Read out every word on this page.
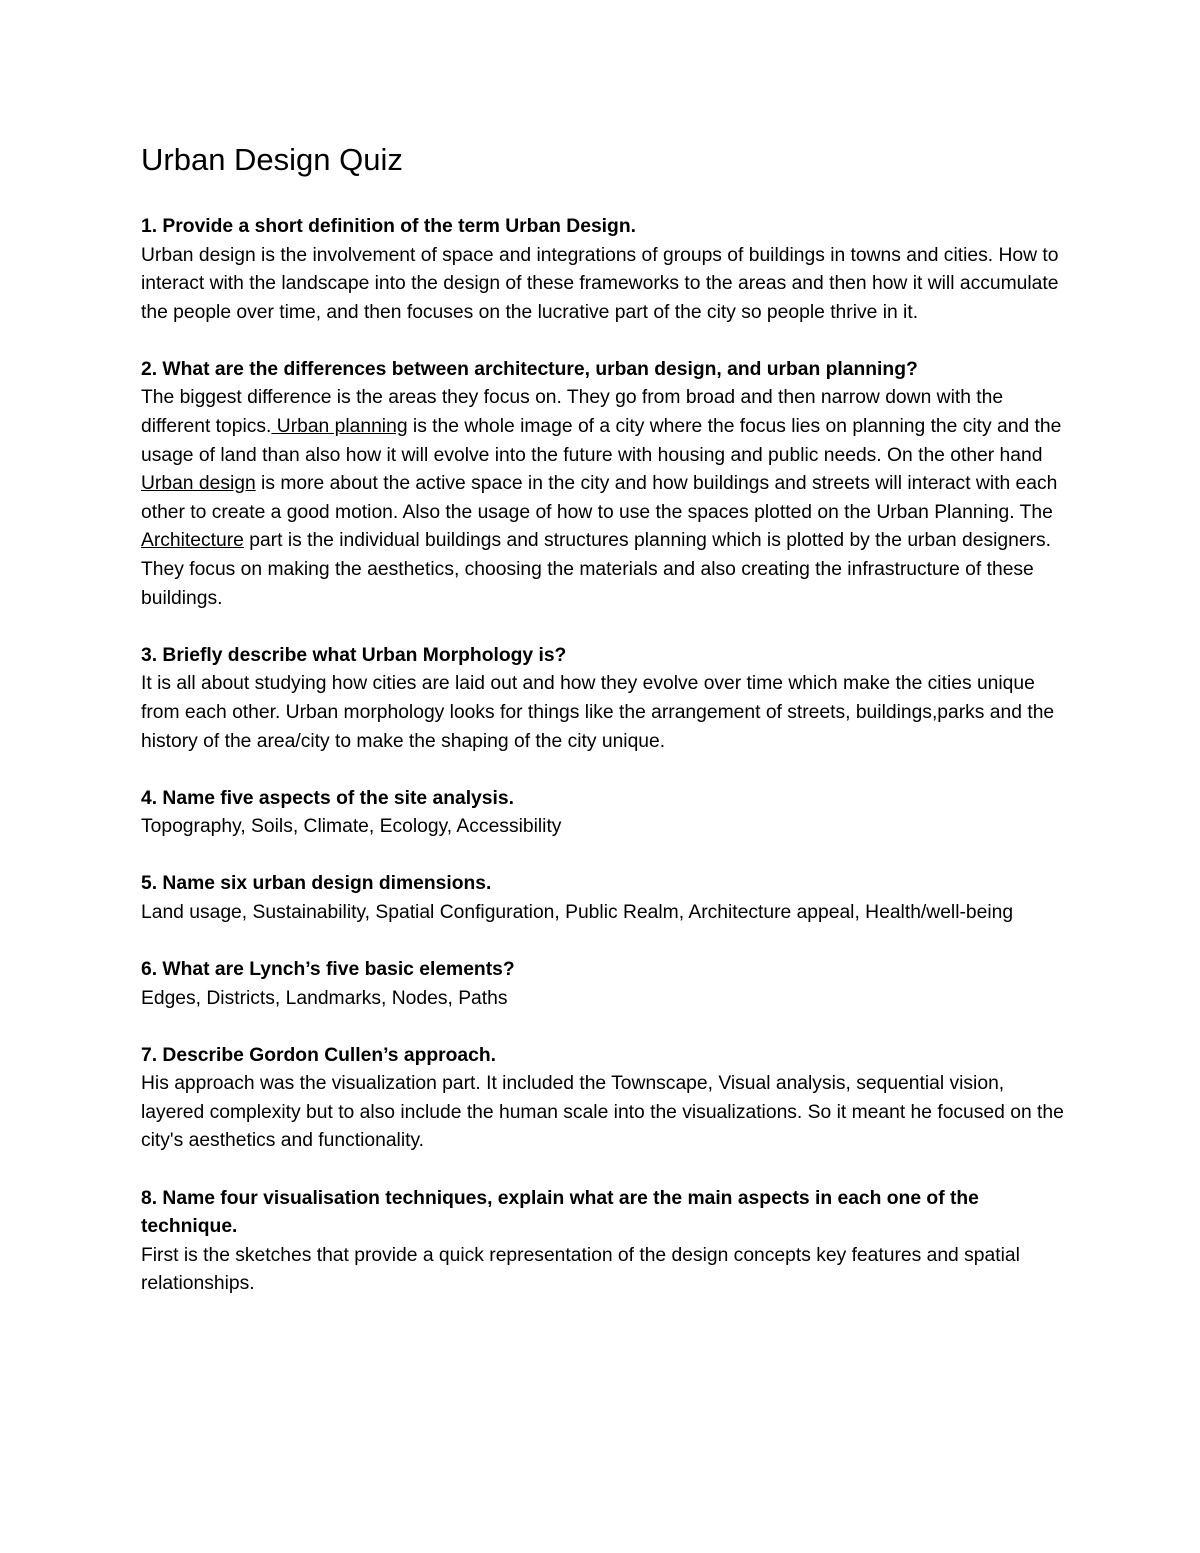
Urban Design Quiz

1. Provide a short definition of the term Urban Design.

Urban design is the involvement of space and integrations of groups of buildings in towns and cities. How to interact with the landscape into the design of these frameworks to the areas and then how it will accumulate the people over time, and then focuses on the lucrative part of the city so people thrive in it.

2. What are the differences between architecture, urban design, and urban planning?

The biggest difference is the areas they focus on. They go from broad and then narrow down with the different topics. Urban planning is the whole image of a city where the focus lies on planning the city and the usage of land than also how it will evolve into the future with housing and public needs. On the other hand Urban design is more about the active space in the city and how buildings and streets will interact with each other to create a good motion. Also the usage of how to use the spaces plotted on the Urban Planning. The Architecture part is the individual buildings and structures planning which is plotted by the urban designers. They focus on making the aesthetics, choosing the materials and also creating the infrastructure of these buildings.

3. Briefly describe what Urban Morphology is?

It is all about studying how cities are laid out and how they evolve over time which make the cities unique from each other. Urban morphology looks for things like the arrangement of streets, buildings,parks and the history of the area/city to make the shaping of the city unique.

4. Name five aspects of the site analysis.

Topography, Soils, Climate, Ecology, Accessibility

5. Name six urban design dimensions.

Land usage, Sustainability, Spatial Configuration, Public Realm, Architecture appeal, Health/well-being

6. What are Lynch’s five basic elements?

Edges, Districts, Landmarks, Nodes, Paths

7. Describe Gordon Cullen’s approach.

His approach was the visualization part. It included the Townscape, Visual analysis, sequential vision, layered complexity but to also include the human scale into the visualizations. So it meant he focused on the city's aesthetics and functionality.

8. Name four visualisation techniques, explain what are the main aspects in each one of the technique.

First is the sketches that provide a quick representation of the design concepts key features and spatial relationships.
